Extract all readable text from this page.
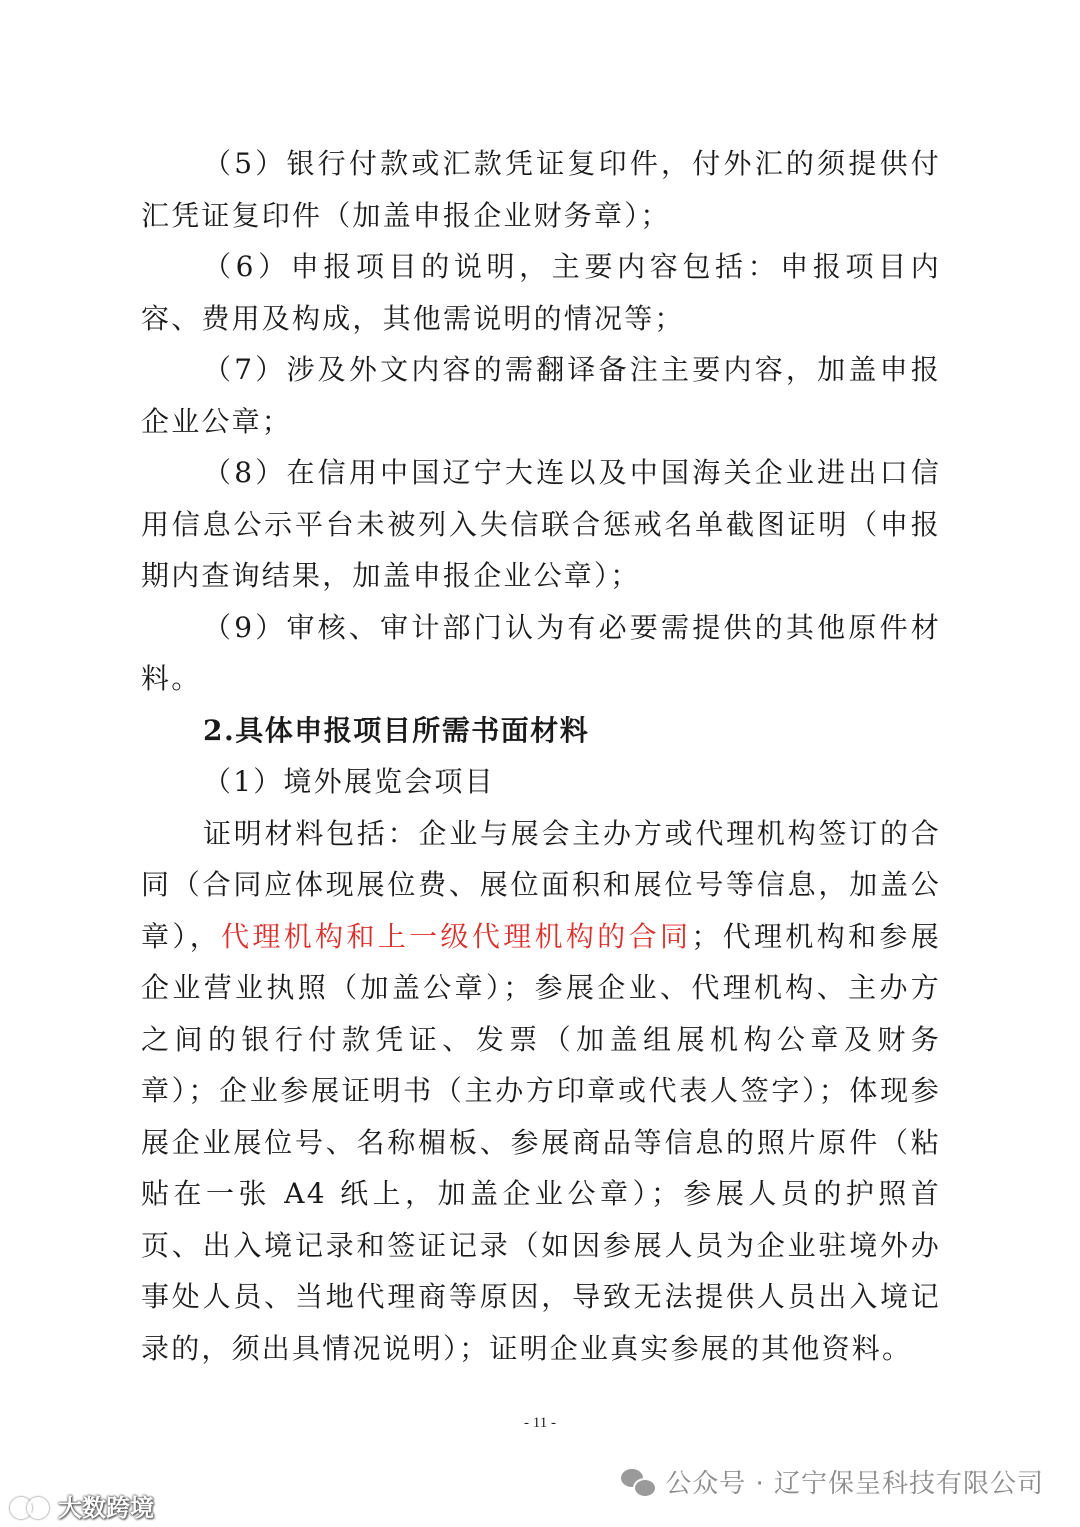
（5）银行付款或汇款凭证复印件，付外汇的须提供付汇凭证复印件（加盖申报企业财务章）；

（6）申报项目的说明，主要内容包括：申报项目内容、费用及构成，其他需说明的情况等；

（7）涉及外文内容的需翻译备注主要内容，加盖申报企业公章；

（8）在信用中国辽宁大连以及中国海关企业进出口信用信息公示平台未被列入失信联合惩戒名单截图证明（申报期内查询结果，加盖申报企业公章）；

（9）审核、审计部门认为有必要需提供的其他原件材料。

2.具体申报项目所需书面材料

（1）境外展览会项目

证明材料包括：企业与展会主办方或代理机构签订的合同（合同应体现展位费、展位面积和展位号等信息，加盖公章），代理机构和上一级代理机构的合同；代理机构和参展企业营业执照（加盖公章）；参展企业、代理机构、主办方之间的银行付款凭证、发票（加盖组展机构公章及财务章）；企业参展证明书（主办方印章或代表人签字）；体现参展企业展位号、名称楣板、参展商品等信息的照片原件（粘贴在一张 A4 纸上，加盖企业公章）；参展人员的护照首页、出入境记录和签证记录（如因参展人员为企业驻境外办事处人员、当地代理商等原因，导致无法提供人员出入境记录的，须出具情况说明）；证明企业真实参展的其他资料。

- 11 -
公众号 · 辽宁保呈科技有限公司
大数跨境
